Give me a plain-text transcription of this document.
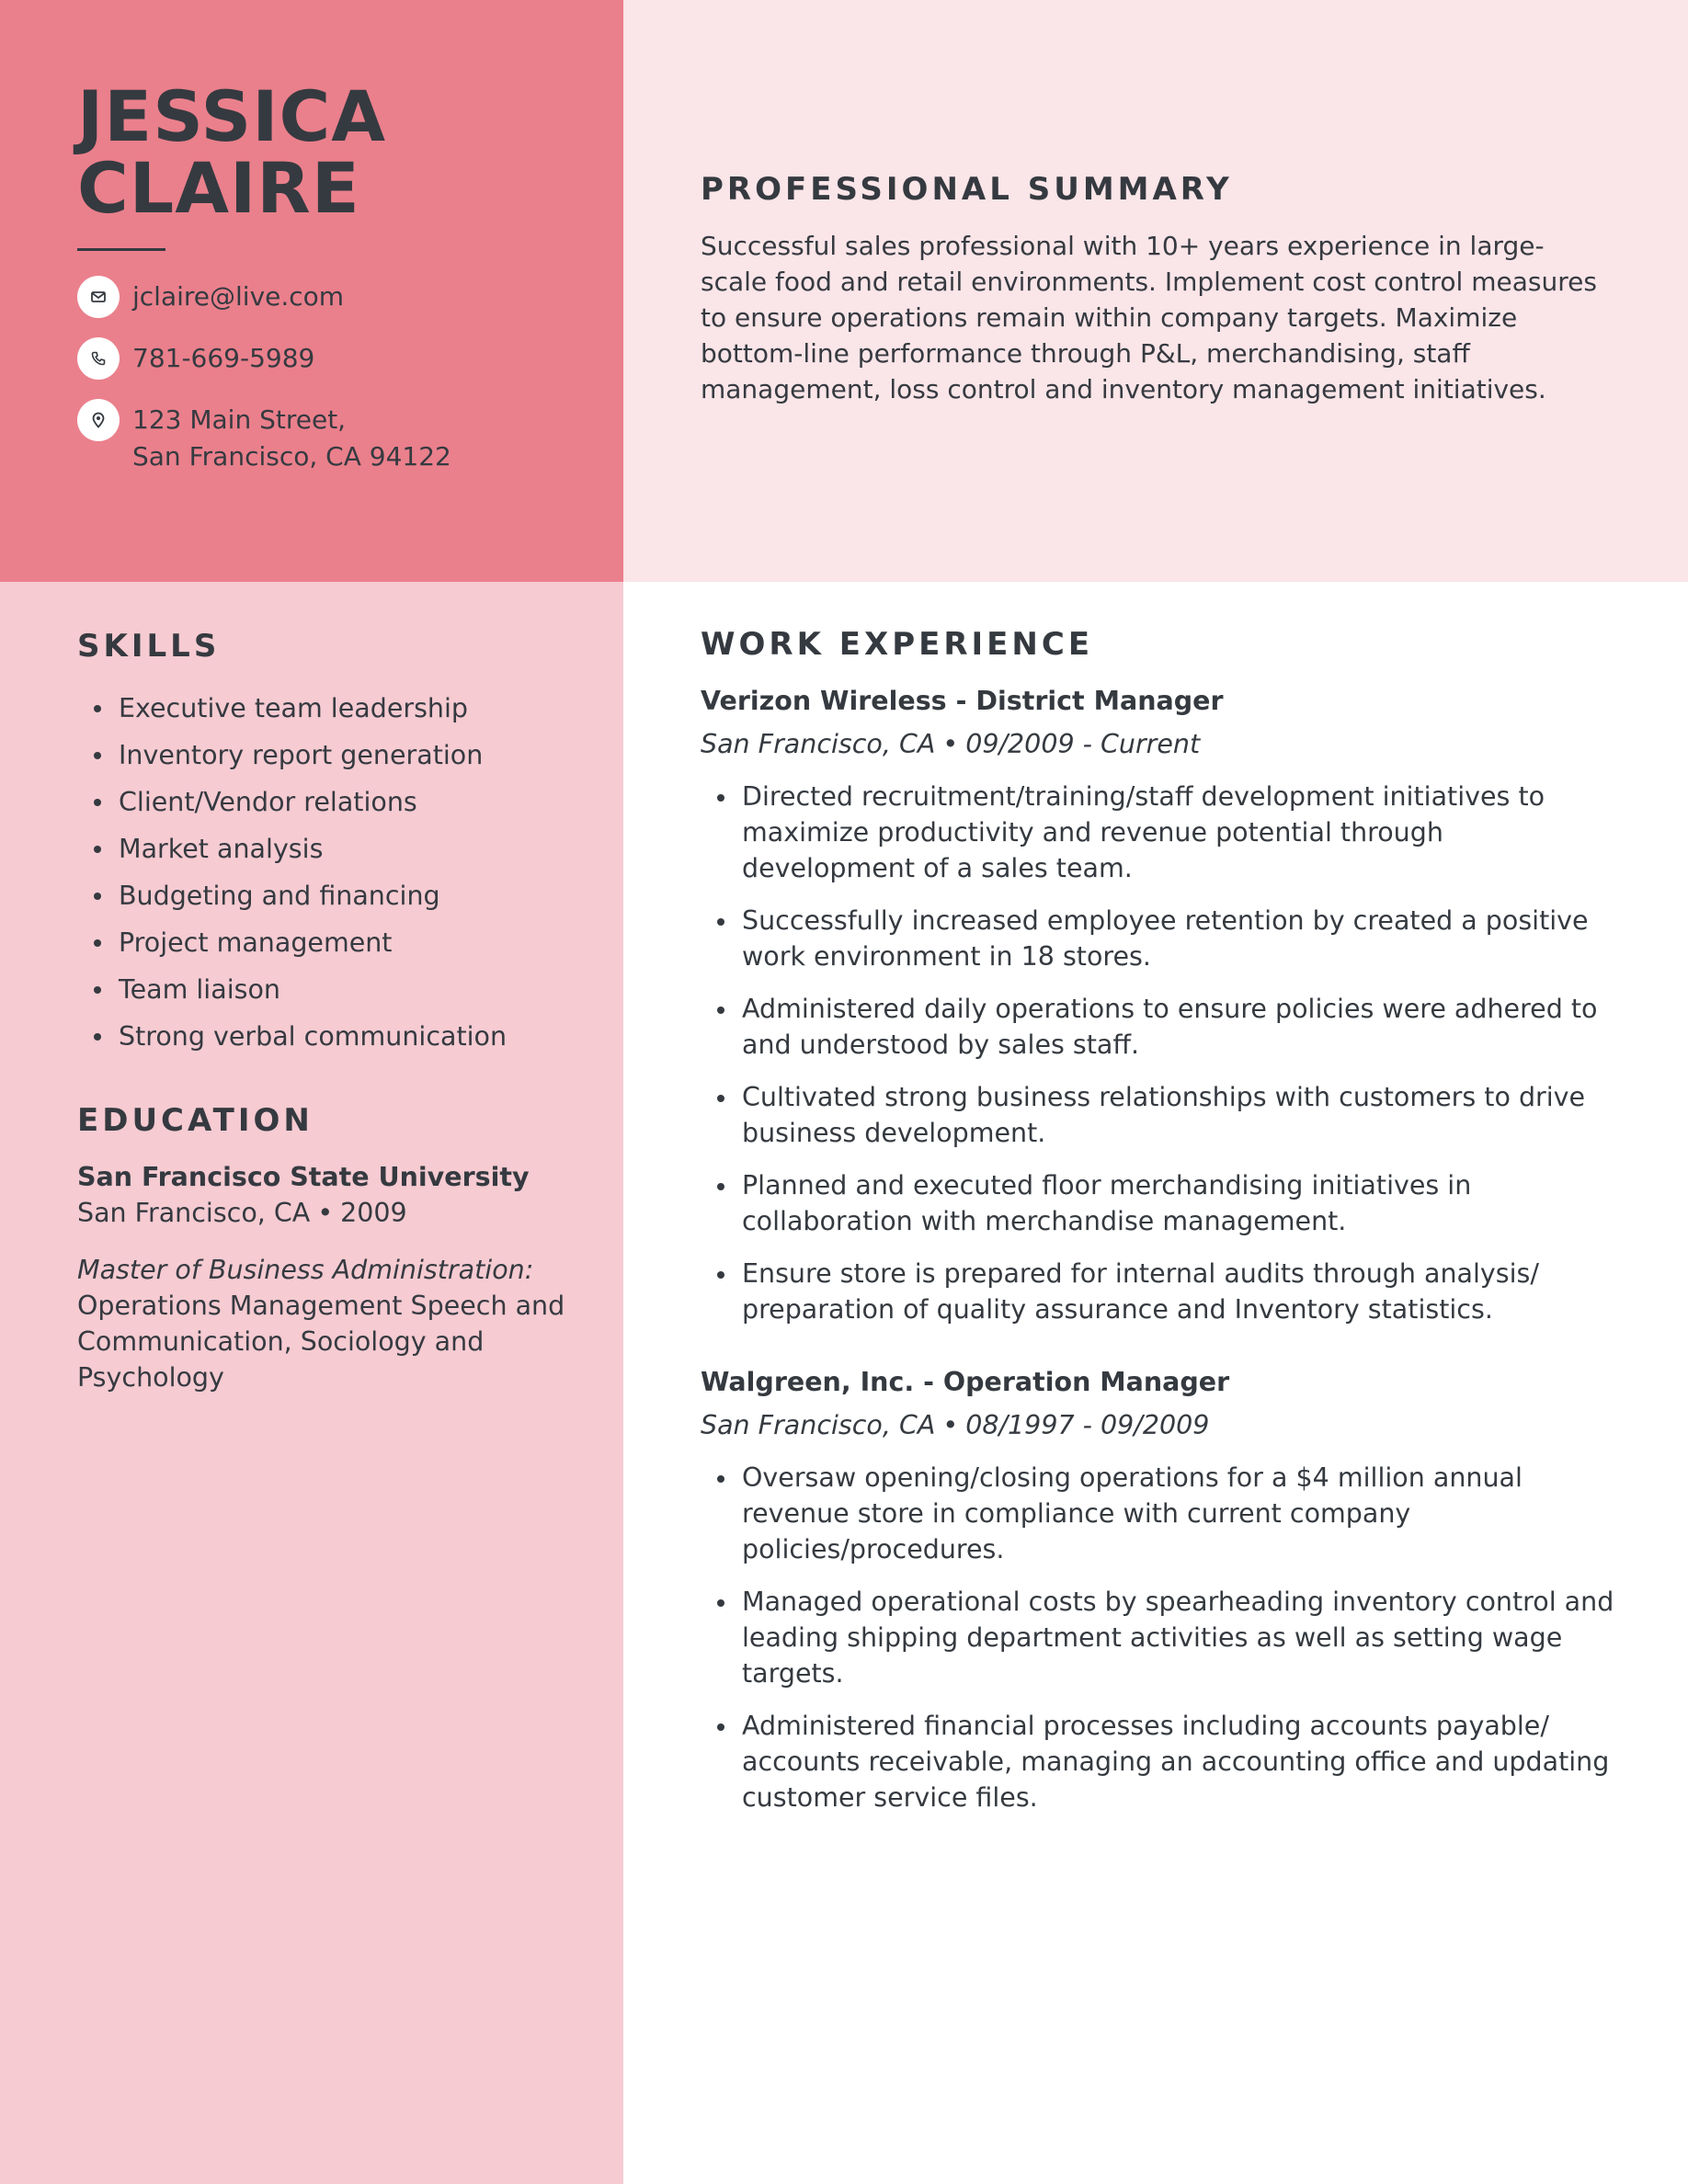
JESSICA
CLAIRE
jclaire@live.com
781-669-5989
123 Main Street,
San Francisco, CA 94122
PROFESSIONAL SUMMARY

Successful sales professional with 10+ years experience in large-scale food and retail environments. Implement cost control measures to ensure operations remain within company targets. Maximize bottom-line performance through P&L, merchandising, staff management, loss control and inventory management initiatives.

SKILLS
Executive team leadership
Inventory report generation
Client/Vendor relations
Market analysis
Budgeting and financing
Project management
Team liaison
Strong verbal communication
EDUCATION
San Francisco State University
San Francisco, CA • 2009
Master of Business Administration: Operations Management Speech and Communication, Sociology and Psychology
WORK EXPERIENCE
Verizon Wireless - District Manager
San Francisco, CA • 09/2009 - Current
Directed recruitment/training/staff development initiatives to maximize productivity and revenue potential through development of a sales team.
Successfully increased employee retention by created a positive work environment in 18 stores.
Administered daily operations to ensure policies were adhered to and understood by sales staff.
Cultivated strong business relationships with customers to drive business development.
Planned and executed floor merchandising initiatives in collaboration with merchandise management.
Ensure store is prepared for internal audits through analysis/ preparation of quality assurance and Inventory statistics.
Walgreen, Inc. - Operation Manager
San Francisco, CA • 08/1997 - 09/2009
Oversaw opening/closing operations for a $4 million annual revenue store in compliance with current company policies/procedures.
Managed operational costs by spearheading inventory control and leading shipping department activities as well as setting wage targets.
Administered financial processes including accounts payable/ accounts receivable, managing an accounting office and updating customer service files.
